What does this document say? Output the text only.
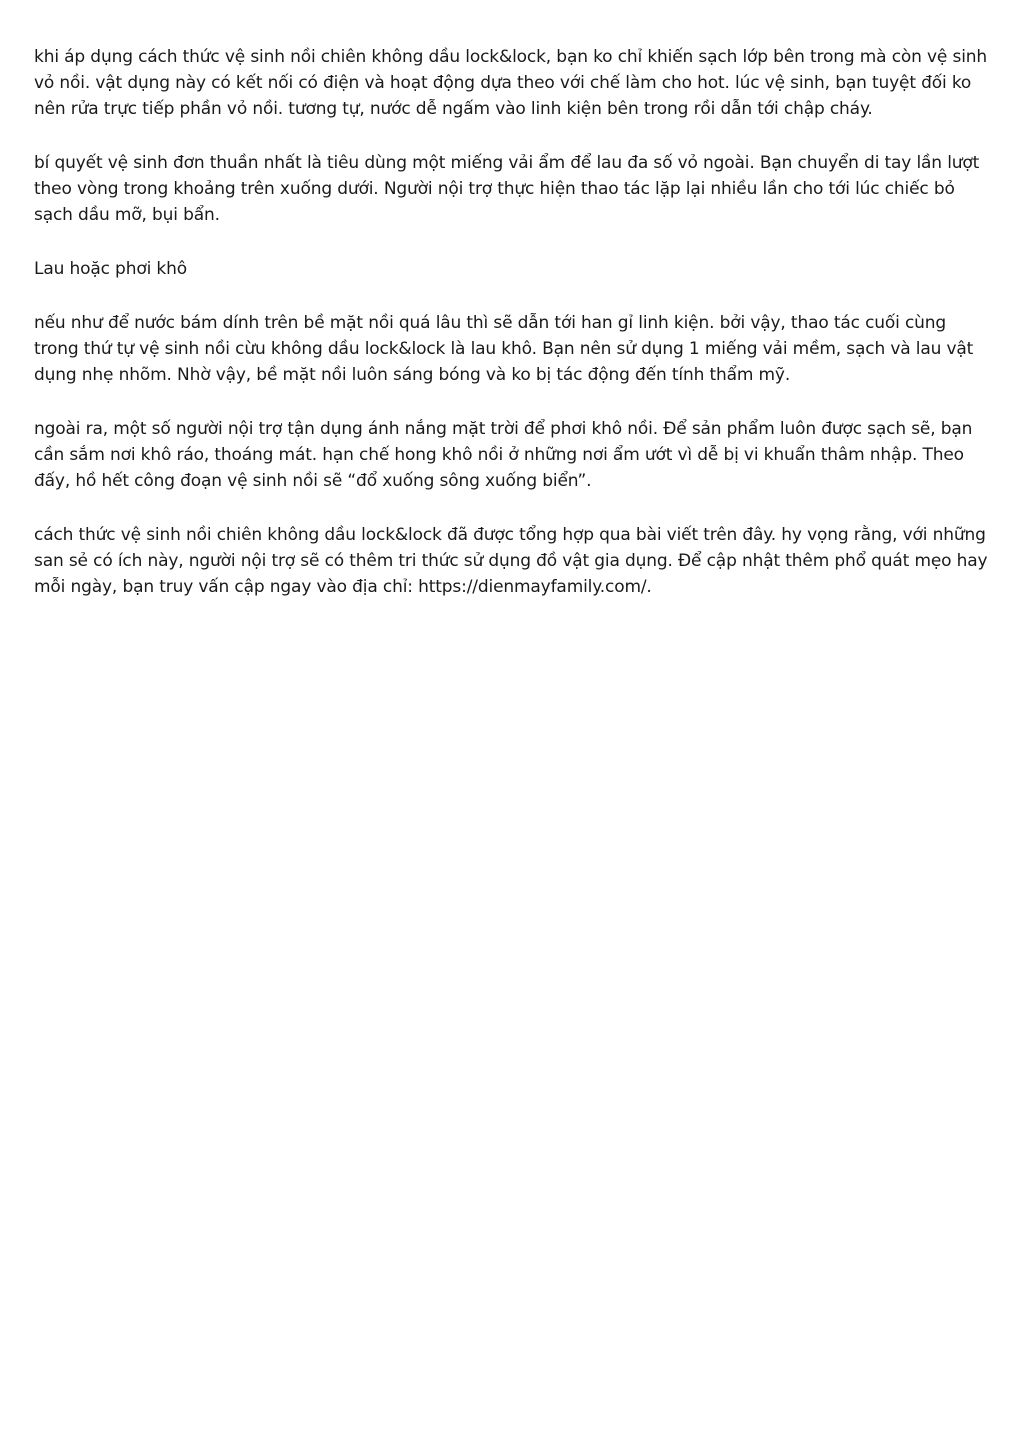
khi áp dụng cách thức vệ sinh nồi chiên không dầu lock&lock, bạn ko chỉ khiến sạch lớp bên trong mà còn vệ sinh vỏ nồi. vật dụng này có kết nối có điện và hoạt động dựa theo với chế làm cho hot. lúc vệ sinh, bạn tuyệt đối ko nên rửa trực tiếp phần vỏ nồi. tương tự, nước dễ ngấm vào linh kiện bên trong rồi dẫn tới chập cháy.

bí quyết vệ sinh đơn thuần nhất là tiêu dùng một miếng vải ẩm để lau đa số vỏ ngoài. Bạn chuyển di tay lần lượt theo vòng trong khoảng trên xuống dưới. Người nội trợ thực hiện thao tác lặp lại nhiều lần cho tới lúc chiếc bỏ sạch dầu mỡ, bụi bẩn.

Lau hoặc phơi khô

nếu như để nước bám dính trên bề mặt nồi quá lâu thì sẽ dẫn tới han gỉ linh kiện. bởi vậy, thao tác cuối cùng trong thứ tự vệ sinh nồi cừu không dầu lock&lock là lau khô. Bạn nên sử dụng 1 miếng vải mềm, sạch và lau vật dụng nhẹ nhõm. Nhờ vậy, bề mặt nồi luôn sáng bóng và ko bị tác động đến tính thẩm mỹ.

ngoài ra, một số người nội trợ tận dụng ánh nắng mặt trời để phơi khô nồi. Để sản phẩm luôn được sạch sẽ, bạn cần sắm nơi khô ráo, thoáng mát. hạn chế hong khô nồi ở những nơi ẩm ướt vì dễ bị vi khuẩn thâm nhập. Theo đấy, hồ hết công đoạn vệ sinh nồi sẽ “đổ xuống sông xuống biển”.

cách thức vệ sinh nồi chiên không dầu lock&lock đã được tổng hợp qua bài viết trên đây. hy vọng rằng, với những san sẻ có ích này, người nội trợ sẽ có thêm tri thức sử dụng đồ vật gia dụng. Để cập nhật thêm phổ quát mẹo hay mỗi ngày, bạn truy vấn cập ngay vào địa chỉ: https://dienmayfamily.com/.
